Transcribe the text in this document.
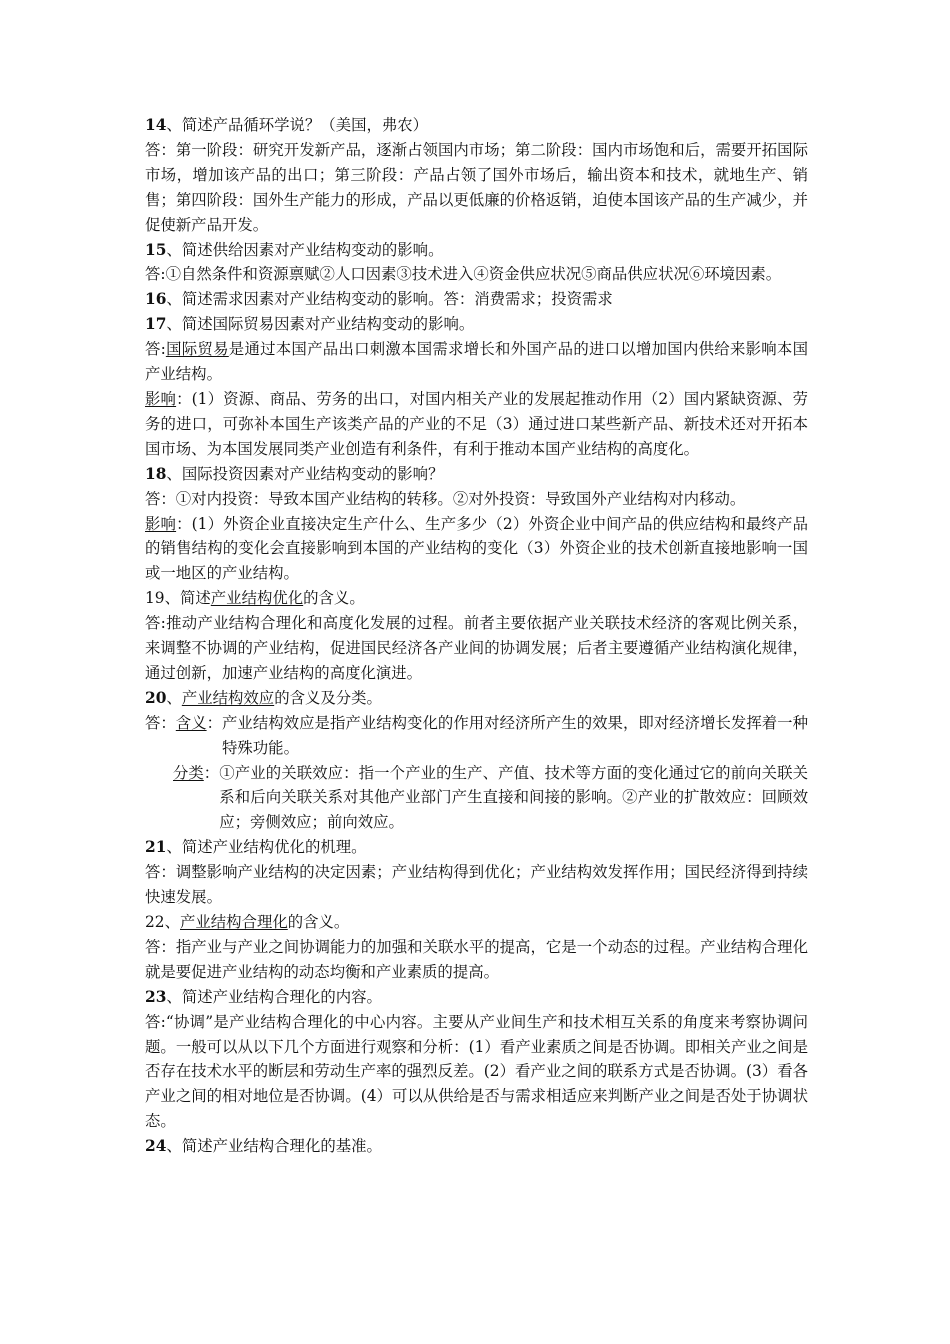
14、简述产品循环学说？（美国，弗农）

答：第一阶段：研究开发新产品，逐渐占领国内市场；第二阶段：国内市场饱和后，需要开拓国际市场，增加该产品的出口；第三阶段：产品占领了国外市场后，输出资本和技术，就地生产、销售；第四阶段：国外生产能力的形成，产品以更低廉的价格返销，迫使本国该产品的生产减少，并促使新产品开发。

15、简述供给因素对产业结构变动的影响。

答:①自然条件和资源禀赋②人口因素③技术进入④资金供应状况⑤商品供应状况⑥环境因素。

16、简述需求因素对产业结构变动的影响。答：消费需求；投资需求

17、简述国际贸易因素对产业结构变动的影响。

答:国际贸易是通过本国产品出口刺激本国需求增长和外国产品的进口以增加国内供给来影响本国产业结构。

影响：(1）资源、商品、劳务的出口，对国内相关产业的发展起推动作用（2）国内紧缺资源、劳务的进口，可弥补本国生产该类产品的产业的不足（3）通过进口某些新产品、新技术还对开拓本国市场、为本国发展同类产业创造有利条件，有利于推动本国产业结构的高度化。

18、国际投资因素对产业结构变动的影响？

答：①对内投资：导致本国产业结构的转移。②对外投资：导致国外产业结构对内移动。

影响：(1）外资企业直接决定生产什么、生产多少（2）外资企业中间产品的供应结构和最终产品的销售结构的变化会直接影响到本国的产业结构的变化（3）外资企业的技术创新直接地影响一国或一地区的产业结构。

19、简述产业结构优化的含义。

答:推动产业结构合理化和高度化发展的过程。前者主要依据产业关联技术经济的客观比例关系，来调整不协调的产业结构，促进国民经济各产业间的协调发展；后者主要遵循产业结构演化规律，通过创新，加速产业结构的高度化演进。

20、产业结构效应的含义及分类。

答：含义： 产业结构效应是指产业结构变化的作用对经济所产生的效果，即对经济增长发挥着一种特殊功能。
分类： ①产业的关联效应：指一个产业的生产、产值、技术等方面的变化通过它的前向关联关系和后向关联关系对其他产业部门产生直接和间接的影响。②产业的扩散效应：回顾效应；旁侧效应；前向效应。

21、简述产业结构优化的机理。

答：调整影响产业结构的决定因素；产业结构得到优化；产业结构效发挥作用；国民经济得到持续快速发展。

22、产业结构合理化的含义。

答：指产业与产业之间协调能力的加强和关联水平的提高，它是一个动态的过程。产业结构合理化就是要促进产业结构的动态均衡和产业素质的提高。

23、简述产业结构合理化的内容。

答:“协调”是产业结构合理化的中心内容。主要从产业间生产和技术相互关系的角度来考察协调问题。一般可以从以下几个方面进行观察和分析：(1）看产业素质之间是否协调。即相关产业之间是否存在技术水平的断层和劳动生产率的强烈反差。(2）看产业之间的联系方式是否协调。(3）看各产业之间的相对地位是否协调。(4）可以从供给是否与需求相适应来判断产业之间是否处于协调状态。

24、简述产业结构合理化的基准。
